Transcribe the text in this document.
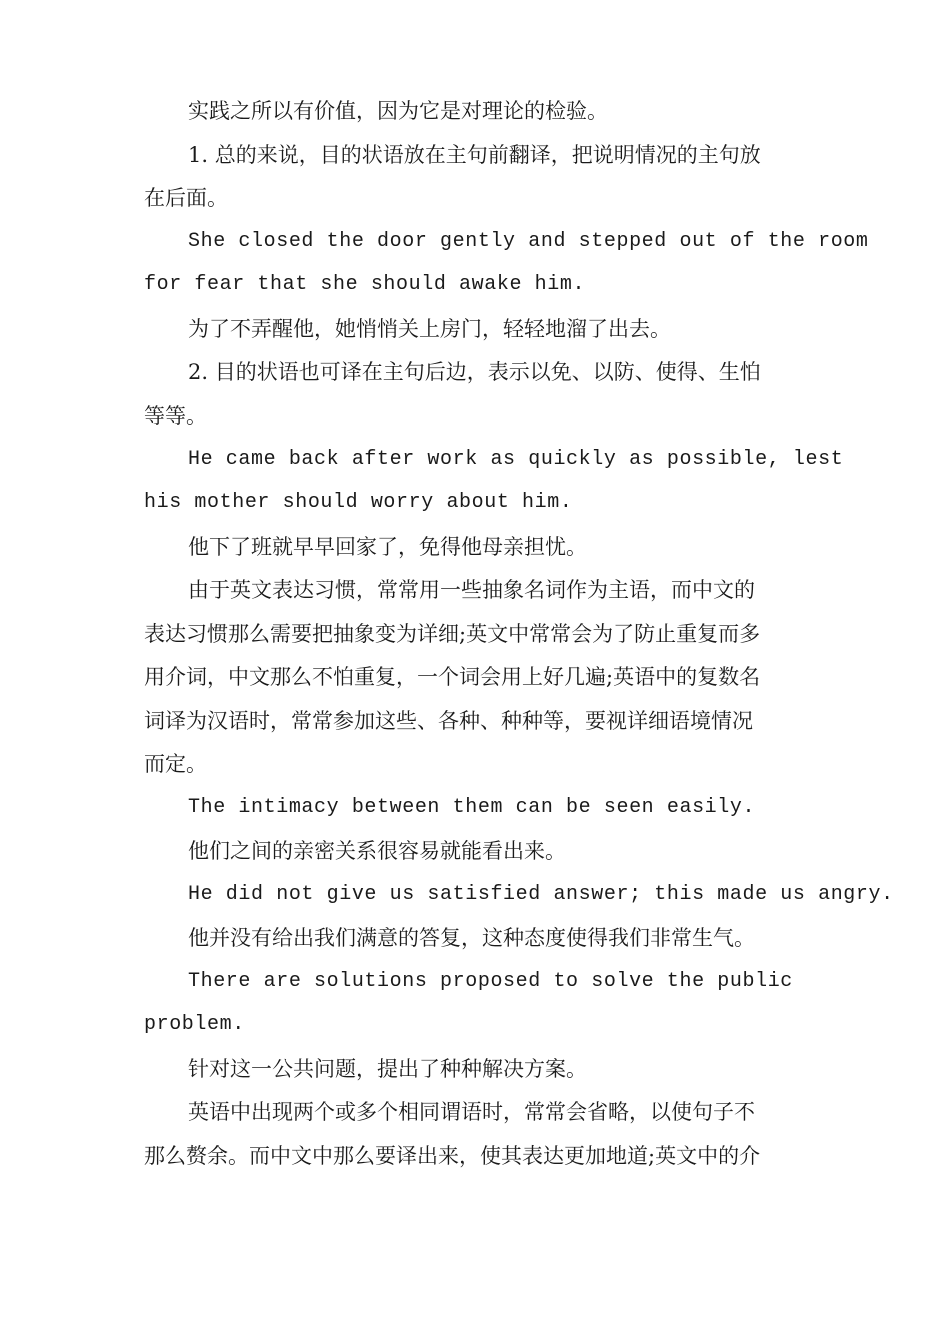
实践之所以有价值，因为它是对理论的检验。
1. 总的来说，目的状语放在主句前翻译，把说明情况的主句放
在后面。
She closed the door gently and stepped out of the room
for fear that she should awake him.
为了不弄醒他，她悄悄关上房门，轻轻地溜了出去。
2. 目的状语也可译在主句后边，表示以免、以防、使得、生怕
等等。
He came back after work as quickly as possible, lest
his mother should worry about him.
他下了班就早早回家了，免得他母亲担忧。
由于英文表达习惯，常常用一些抽象名词作为主语，而中文的
表达习惯那么需要把抽象变为详细;英文中常常会为了防止重复而多
用介词，中文那么不怕重复，一个词会用上好几遍;英语中的复数名
词译为汉语时，常常参加这些、各种、种种等，要视详细语境情况
而定。
The intimacy between them can be seen easily.
他们之间的亲密关系很容易就能看出来。
He did not give us satisfied answer; this made us angry.
他并没有给出我们满意的答复，这种态度使得我们非常生气。
There are solutions proposed to solve the public
problem.
针对这一公共问题，提出了种种解决方案。
英语中出现两个或多个相同谓语时，常常会省略，以使句子不
那么赘余。而中文中那么要译出来，使其表达更加地道;英文中的介
